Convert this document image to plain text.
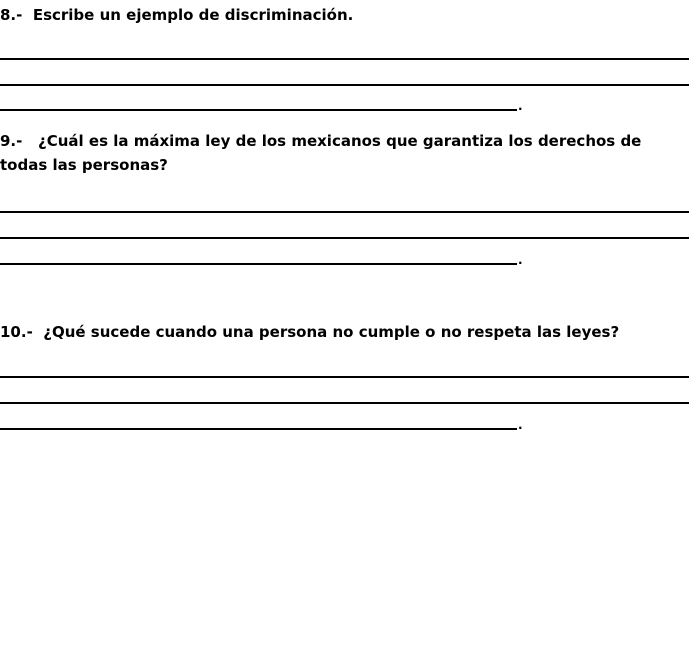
8.- Escribe un ejemplo de discriminación.

.

9.- ¿Cuál es la máxima ley de los mexicanos que garantiza los derechos de todas las personas?

.

10.- ¿Qué sucede cuando una persona no cumple o no respeta las leyes?

.
